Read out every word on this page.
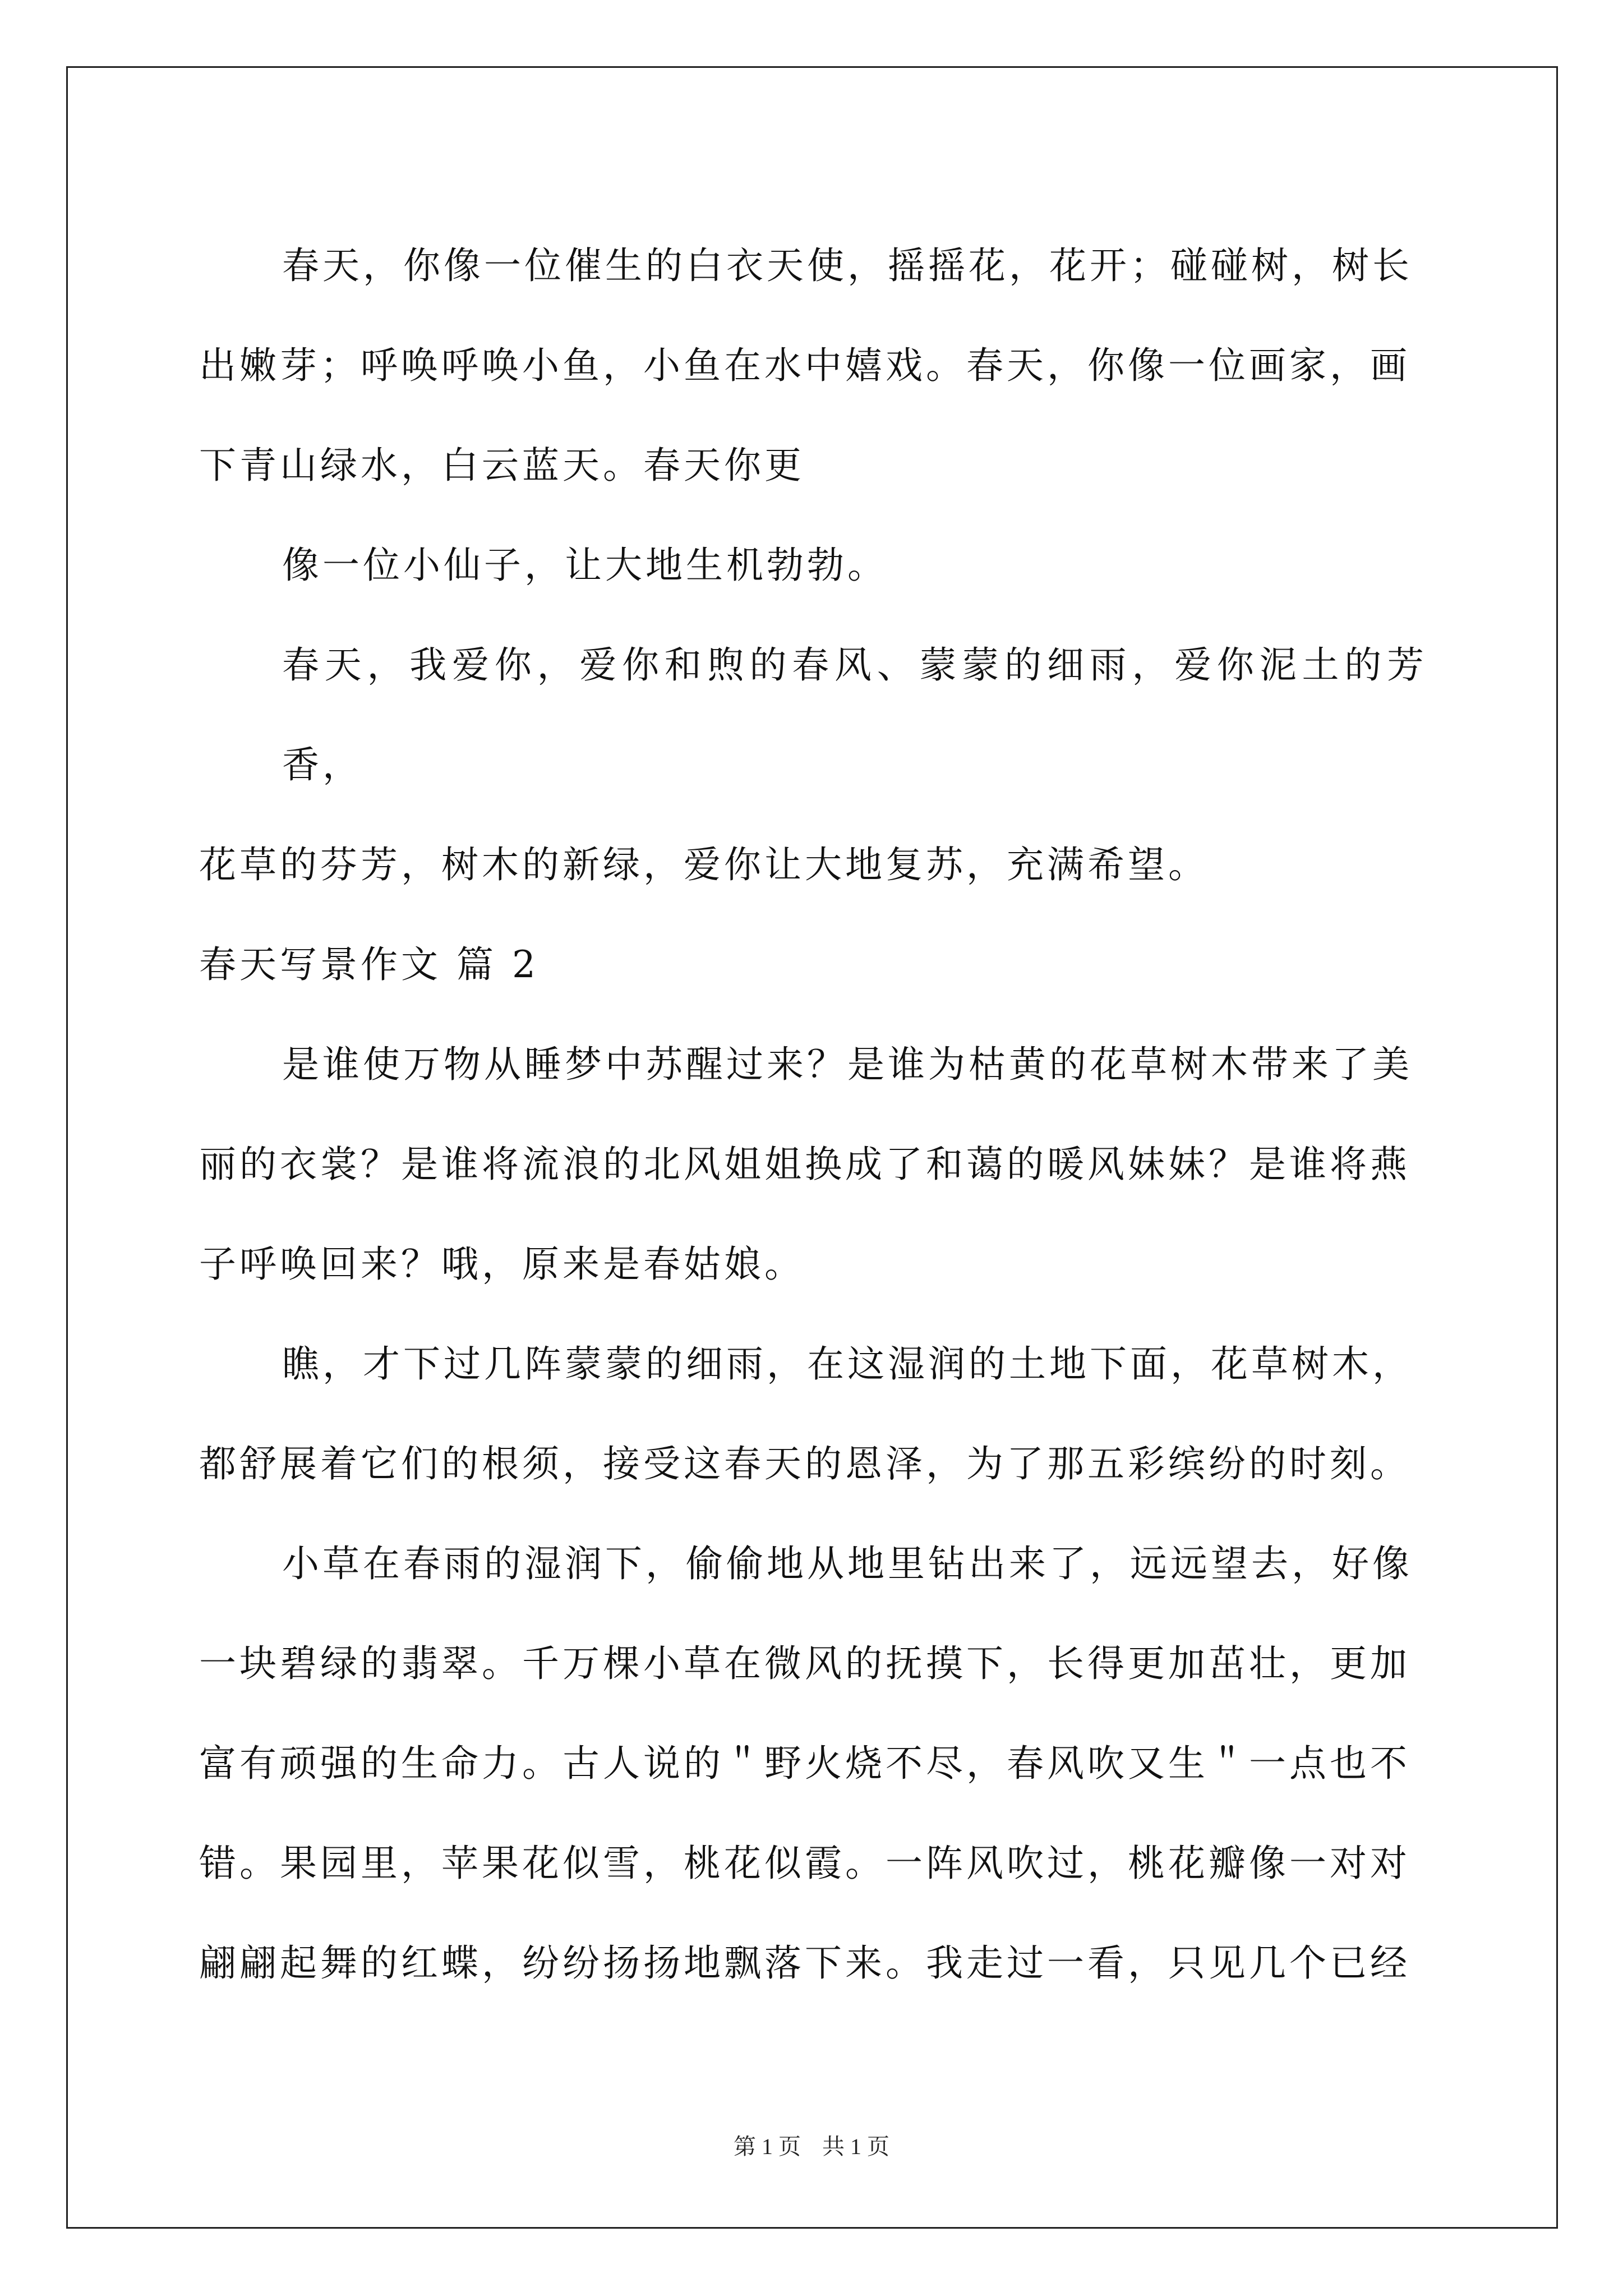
春天，你像一位催生的白衣天使，摇摇花，花开；碰碰树，树长
出嫩芽；呼唤呼唤小鱼，小鱼在水中嬉戏。春天，你像一位画家，画
下青山绿水，白云蓝天。春天你更

像一位小仙子，让大地生机勃勃。

春天，我爱你，爱你和煦的春风、蒙蒙的细雨，爱你泥土的芳香，
花草的芬芳，树木的新绿，爱你让大地复苏，充满希望。

春天写景作文 篇 2

是谁使万物从睡梦中苏醒过来？是谁为枯黄的花草树木带来了美
丽的衣裳？是谁将流浪的北风姐姐换成了和蔼的暖风妹妹？是谁将燕
子呼唤回来？哦，原来是春姑娘。

瞧，才下过几阵蒙蒙的细雨，在这湿润的土地下面，花草树木，
都舒展着它们的根须，接受这春天的恩泽，为了那五彩缤纷的时刻。

小草在春雨的湿润下，偷偷地从地里钻出来了，远远望去，好像
一块碧绿的翡翠。千万棵小草在微风的抚摸下，长得更加茁壮，更加
富有顽强的生命力。古人说的＂野火烧不尽，春风吹又生＂一点也不
错。果园里，苹果花似雪，桃花似霞。一阵风吹过，桃花瓣像一对对
翩翩起舞的红蝶，纷纷扬扬地飘落下来。我走过一看，只见几个已经

第 1 页 共 1 页
